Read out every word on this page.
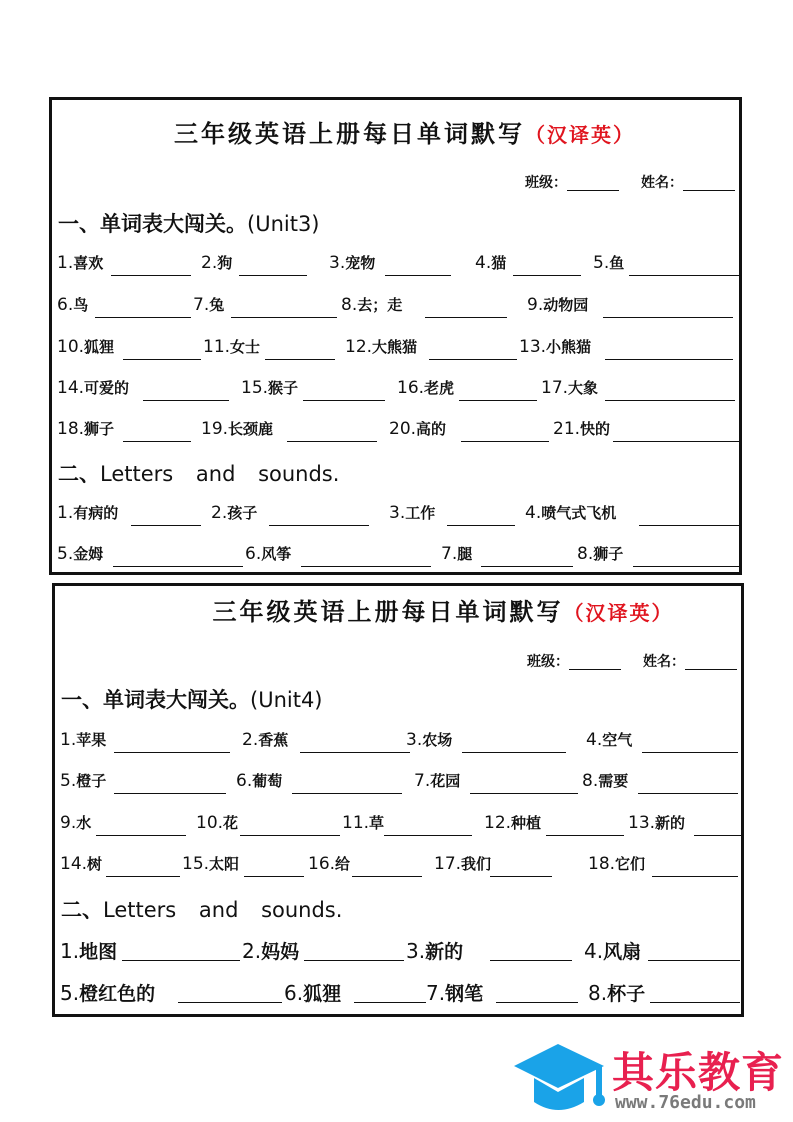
三年级英语上册每日单词默写（汉译英）
班级：	姓名：
一、单词表大闯关。(Unit3)
1.喜欢	2.狗	3.宠物	4.猫	5.鱼
6.鸟	7.兔	8.去；走	9.动物园
10.狐狸	11.女士	12.大熊猫	13.小熊猫
14.可爱的	15.猴子	16.老虎	17.大象
18.狮子	19.长颈鹿	20.高的	21.快的
二、Letters and sounds.
1.有病的	2.孩子	3.工作	4.喷气式飞机
5.金姆	6.风筝	7.腿	8.狮子
三年级英语上册每日单词默写（汉译英）
班级：	姓名：
一、单词表大闯关。(Unit4)
1.苹果	2.香蕉	3.农场	4.空气
5.橙子	6.葡萄	7.花园	8.需要
9.水	10.花	11.草	12.种植	13.新的
14.树	15.太阳	16.给	17.我们	18.它们
二、Letters and sounds.
1.地图	2.妈妈	3.新的	4.风扇
5.橙红色的	6.狐狸	7.钢笔	8.杯子
其乐教育
www.76edu.com
